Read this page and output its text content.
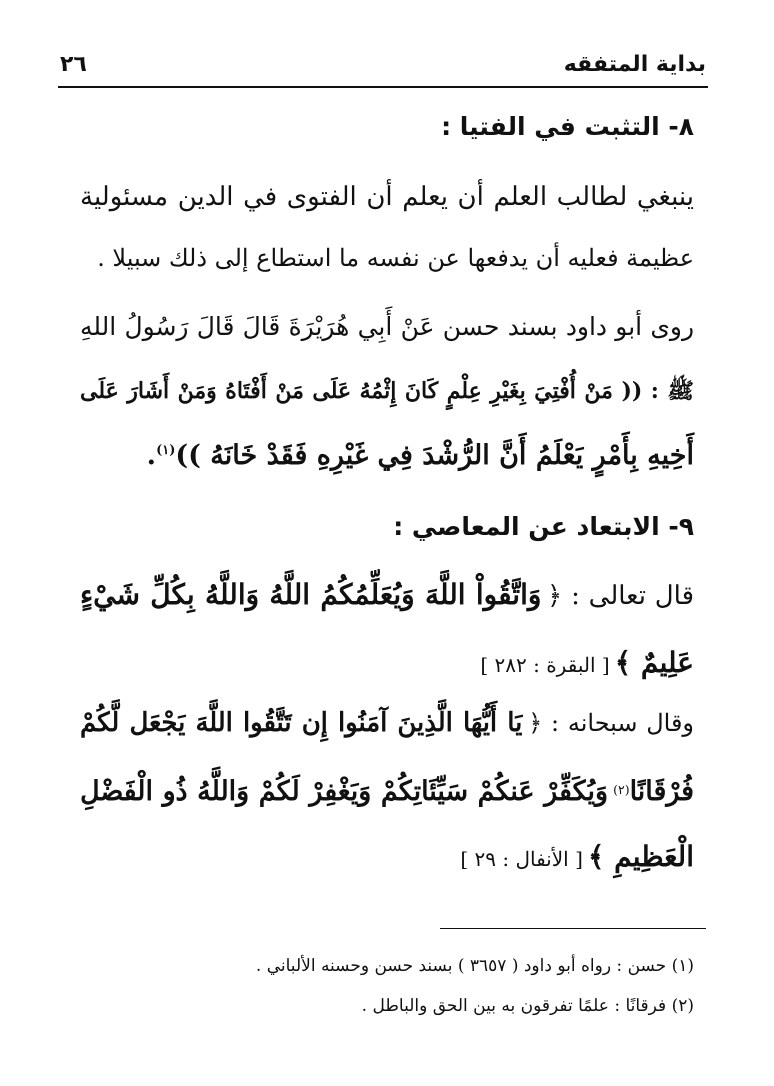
بداية المتفقه
٢٦
٨- التثبت في الفتيا :
ينبغي لطالب العلم أن يعلم أن الفتوى في الدين مسئولية
عظيمة فعليه أن يدفعها عن نفسه ما استطاع إلى ذلك سبيلا .
روى أبو داود بسند حسن عَنْ أَبِي هُرَيْرَةَ قَالَ قَالَ رَسُولُ اللهِ
ﷺ : (( مَنْ أُفْتِيَ بِغَيْرِ عِلْمٍ كَانَ إِثْمُهُ عَلَى مَنْ أَفْتَاهُ وَمَنْ أَشَارَ عَلَى
أَخِيهِ بِأَمْرٍ يَعْلَمُ أَنَّ الرُّشْدَ فِي غَيْرِهِ فَقَدْ خَانَهُ ))$^{(١)}$.
٩- الابتعاد عن المعاصي :
قال تعالى : ﴿ وَاتَّقُواْ اللَّهَ وَيُعَلِّمُكُمُ اللَّهُ وَاللَّهُ بِكُلِّ شَيْءٍ
عَلِيمٌ ﴾ [ البقرة : ٢٨٢ ]
وقال سبحانه : ﴿ يَا أَيُّهَا الَّذِينَ آمَنُوا إِن تَتَّقُوا اللَّهَ يَجْعَل لَّكُمْ
فُرْقَانًا$^{(٢)}$ وَيُكَفِّرْ عَنكُمْ سَيِّئَاتِكُمْ وَيَغْفِرْ لَكُمْ وَاللَّهُ ذُو الْفَضْلِ
الْعَظِيمِ ﴾ [ الأنفال : ٢٩ ]
(١) حسن : رواه أبو داود ( ٣٦٥٧ ) بسند حسن وحسنه الألباني .
(٢) فرقانًا : علمًا تفرقون به بين الحق والباطل .
